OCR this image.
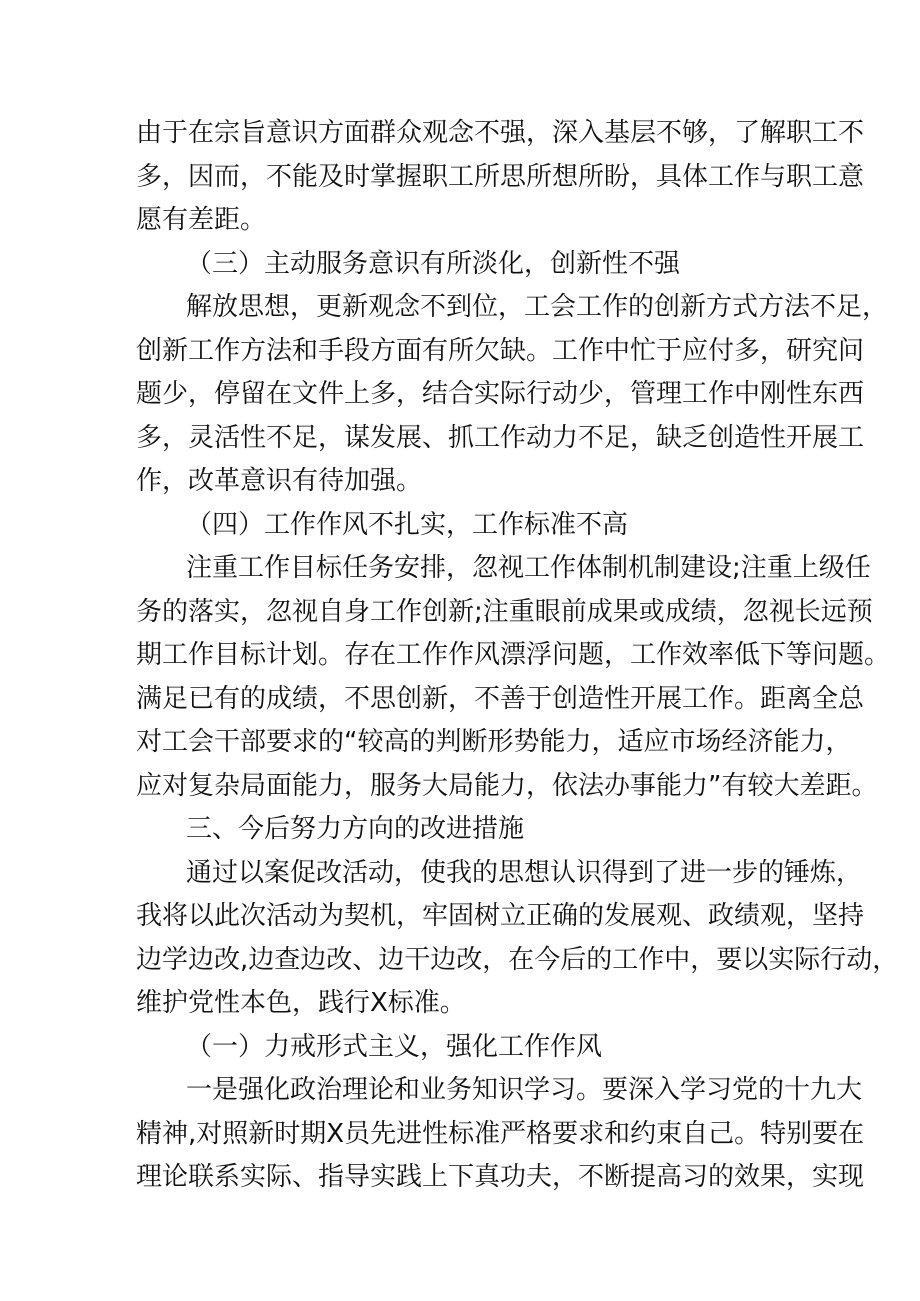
由于在宗旨意识方面群众观念不强，深入基层不够，了解职工不
多，因而，不能及时掌握职工所思所想所盼，具体工作与职工意
愿有差距。
（三）主动服务意识有所淡化，创新性不强
解放思想，更新观念不到位，工会工作的创新方式方法不足，
创新工作方法和手段方面有所欠缺。工作中忙于应付多，研究问
题少，停留在文件上多，结合实际行动少，管理工作中刚性东西
多，灵活性不足，谋发展、抓工作动力不足，缺乏创造性开展工
作，改革意识有待加强。
（四）工作作风不扎实，工作标准不高
注重工作目标任务安排，忽视工作体制机制建设;注重上级任
务的落实，忽视自身工作创新;注重眼前成果或成绩，忽视长远预
期工作目标计划。存在工作作风漂浮问题，工作效率低下等问题。
满足已有的成绩，不思创新，不善于创造性开展工作。距离全总
对工会干部要求的“较高的判断形势能力，适应市场经济能力，
应对复杂局面能力，服务大局能力，依法办事能力”有较大差距。
三、今后努力方向的改进措施
通过以案促改活动，使我的思想认识得到了进一步的锤炼，
我将以此次活动为契机，牢固树立正确的发展观、政绩观，坚持
边学边改,边查边改、边干边改，在今后的工作中，要以实际行动，
维护党性本色，践行X标准。
（一）力戒形式主义，强化工作作风
一是强化政治理论和业务知识学习。要深入学习党的十九大
精神,对照新时期X员先进性标准严格要求和约束自己。特别要在
理论联系实际、指导实践上下真功夫，不断提高习的效果，实现
